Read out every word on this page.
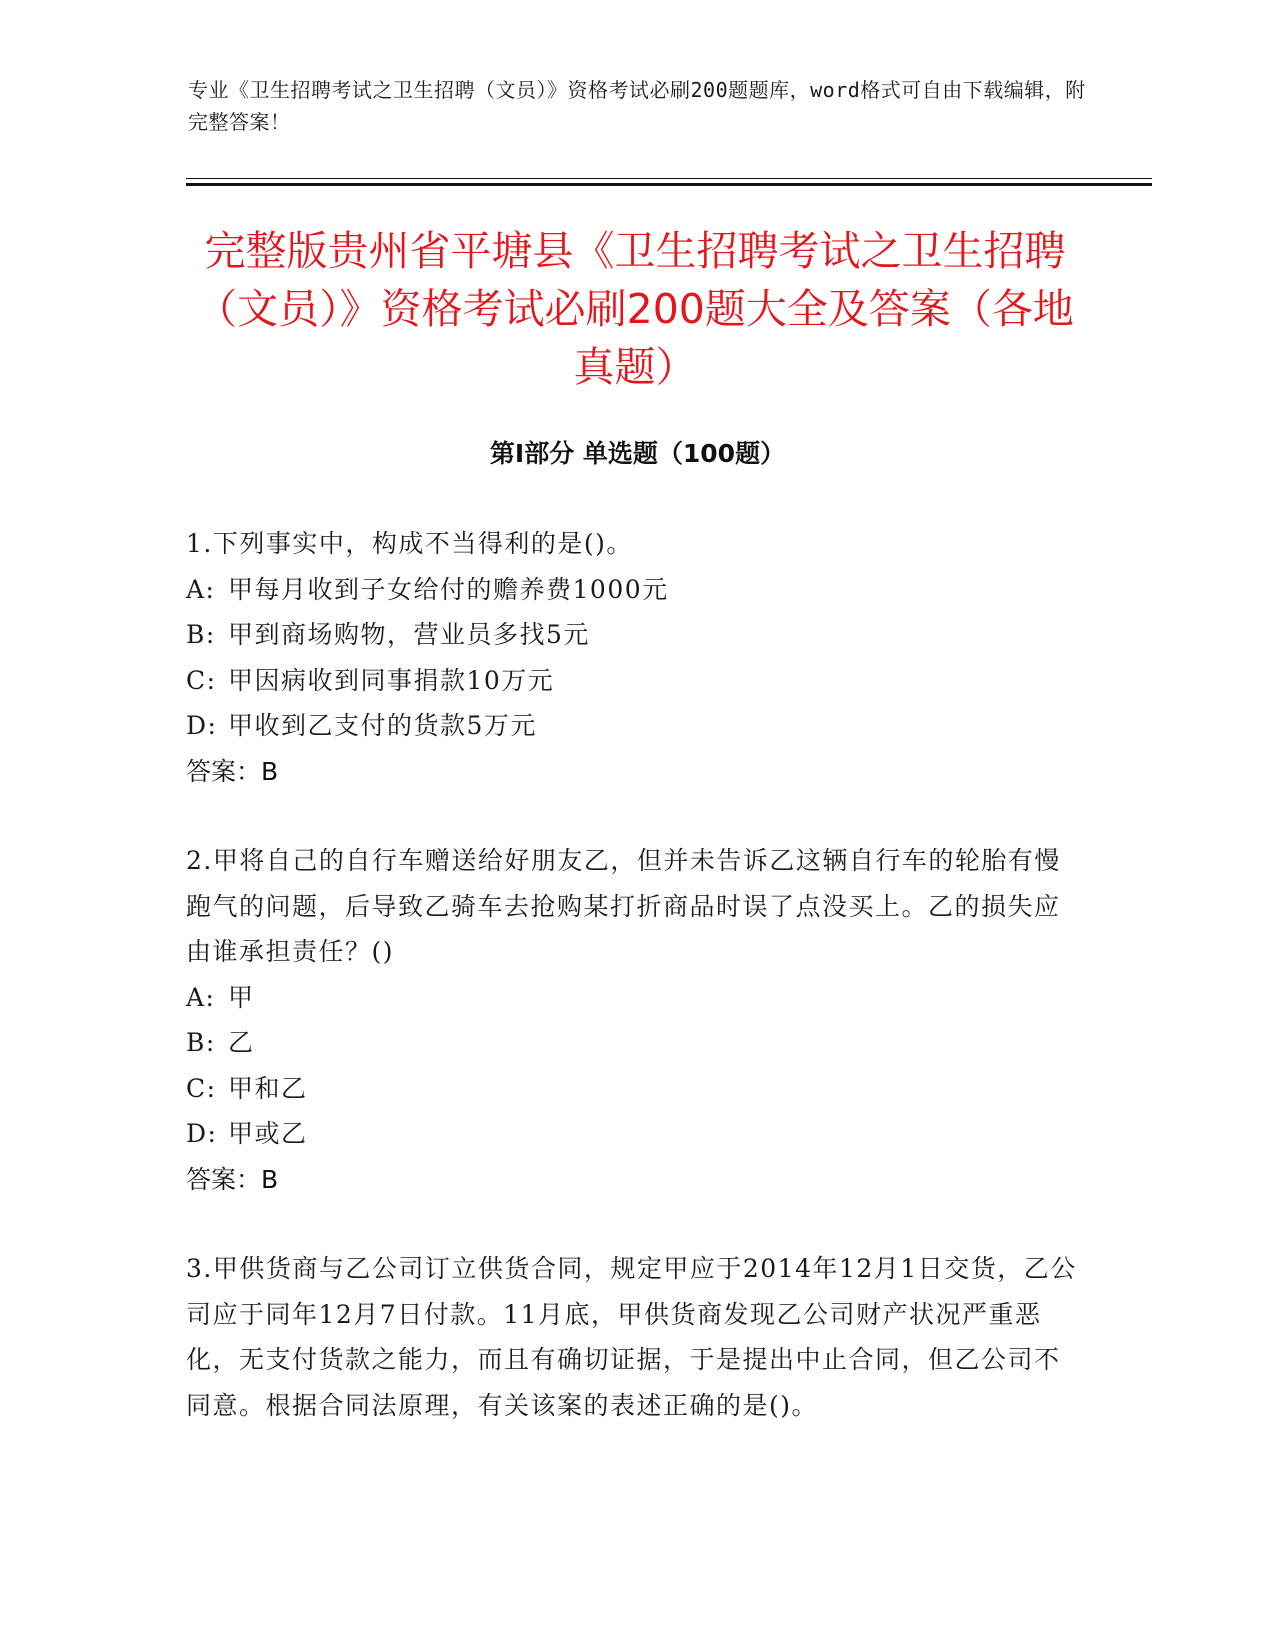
专业《卫生招聘考试之卫生招聘（文员）》资格考试必刷200题题库，word格式可自由下载编辑，附完整答案！
完整版贵州省平塘县《卫生招聘考试之卫生招聘（文员）》资格考试必刷200题大全及答案（各地真题）
第Ⅰ部分 单选题（100题）
1.下列事实中，构成不当得利的是()。
A: 甲每月收到子女给付的赡养费1000元
B: 甲到商场购物，营业员多找5元
C: 甲因病收到同事捐款10万元
D: 甲收到乙支付的货款5万元
答案：B
2.甲将自己的自行车赠送给好朋友乙，但并未告诉乙这辆自行车的轮胎有慢跑气的问题，后导致乙骑车去抢购某打折商品时误了点没买上。乙的损失应由谁承担责任？()
A: 甲
B: 乙
C: 甲和乙
D: 甲或乙
答案：B
3.甲供货商与乙公司订立供货合同，规定甲应于2014年12月1日交货，乙公司应于同年12月7日付款。11月底，甲供货商发现乙公司财产状况严重恶化，无支付货款之能力，而且有确切证据，于是提出中止合同，但乙公司不同意。根据合同法原理，有关该案的表述正确的是()。
